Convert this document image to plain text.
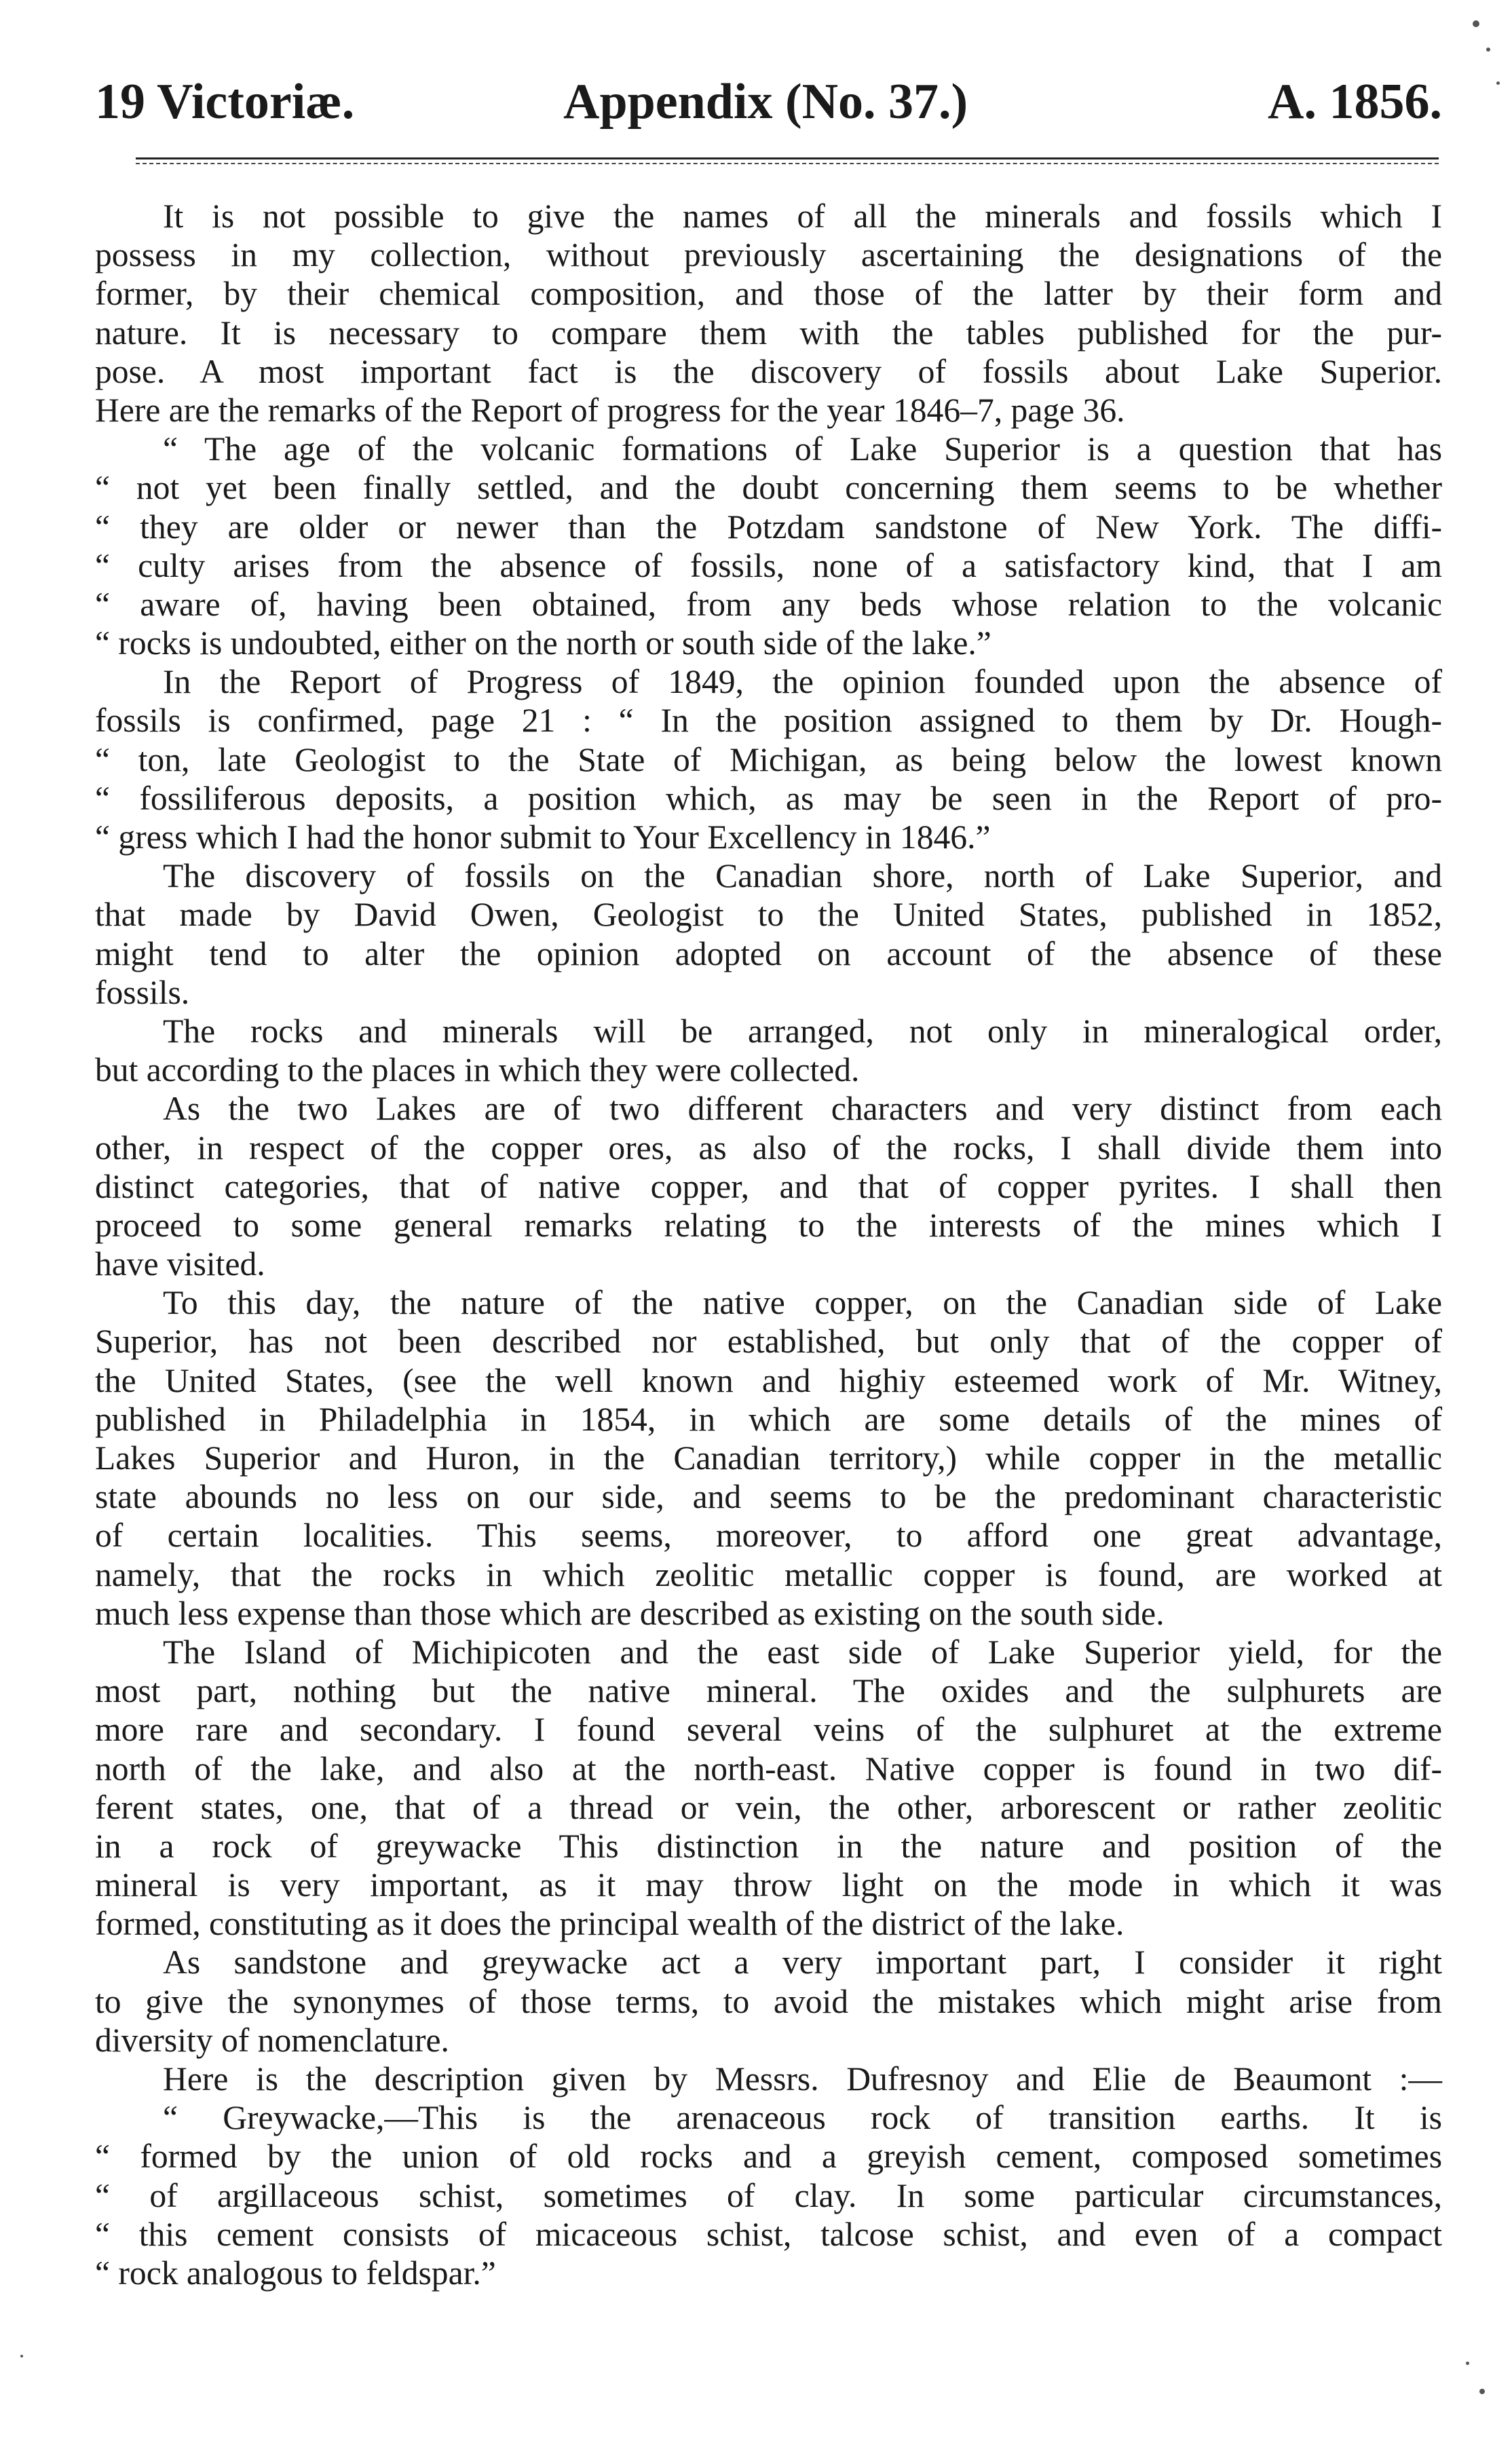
19 Victoriæ.	Appendix (No. 37.)	A. 1856.
It is not possible to give the names of all the minerals and fossils which I
possess in my collection, without previously ascertaining the designations of the
former, by their chemical composition, and those of the latter by their form and
nature. It is necessary to compare them with the tables published for the pur-
pose. A most important fact is the discovery of fossils about Lake Superior.
Here are the remarks of the Report of progress for the year 1846–7, page 36.
“ The age of the volcanic formations of Lake Superior is a question that has
“ not yet been finally settled, and the doubt concerning them seems to be whether
“ they are older or newer than the Potzdam sandstone of New York. The diffi-
“ culty arises from the absence of fossils, none of a satisfactory kind, that I am
“ aware of, having been obtained, from any beds whose relation to the volcanic
“ rocks is undoubted, either on the north or south side of the lake.”
In the Report of Progress of 1849, the opinion founded upon the absence of
fossils is confirmed, page 21 : “ In the position assigned to them by Dr. Hough-
“ ton, late Geologist to the State of Michigan, as being below the lowest known
“ fossiliferous deposits, a position which, as may be seen in the Report of pro-
“ gress which I had the honor submit to Your Excellency in 1846.”
The discovery of fossils on the Canadian shore, north of Lake Superior, and
that made by David Owen, Geologist to the United States, published in 1852,
might tend to alter the opinion adopted on account of the absence of these
fossils.
The rocks and minerals will be arranged, not only in mineralogical order,
but according to the places in which they were collected.
As the two Lakes are of two different characters and very distinct from each
other, in respect of the copper ores, as also of the rocks, I shall divide them into
distinct categories, that of native copper, and that of copper pyrites. I shall then
proceed to some general remarks relating to the interests of the mines which I
have visited.
To this day, the nature of the native copper, on the Canadian side of Lake
Superior, has not been described nor established, but only that of the copper of
the United States, (see the well known and highiy esteemed work of Mr. Witney,
published in Philadelphia in 1854, in which are some details of the mines of
Lakes Superior and Huron, in the Canadian territory,) while copper in the metallic
state abounds no less on our side, and seems to be the predominant characteristic
of certain localities. This seems, moreover, to afford one great advantage,
namely, that the rocks in which zeolitic metallic copper is found, are worked at
much less expense than those which are described as existing on the south side.
The Island of Michipicoten and the east side of Lake Superior yield, for the
most part, nothing but the native mineral. The oxides and the sulphurets are
more rare and secondary. I found several veins of the sulphuret at the extreme
north of the lake, and also at the north-east. Native copper is found in two dif-
ferent states, one, that of a thread or vein, the other, arborescent or rather zeolitic
in a rock of greywacke This distinction in the nature and position of the
mineral is very important, as it may throw light on the mode in which it was
formed, constituting as it does the principal wealth of the district of the lake.
As sandstone and greywacke act a very important part, I consider it right
to give the synonymes of those terms, to avoid the mistakes which might arise from
diversity of nomenclature.
Here is the description given by Messrs. Dufresnoy and Elie de Beaumont :—
“ Greywacke,—This is the arenaceous rock of transition earths. It is
“ formed by the union of old rocks and a greyish cement, composed sometimes
“ of argillaceous schist, sometimes of clay. In some particular circumstances,
“ this cement consists of micaceous schist, talcose schist, and even of a compact
“ rock analogous to feldspar.”
